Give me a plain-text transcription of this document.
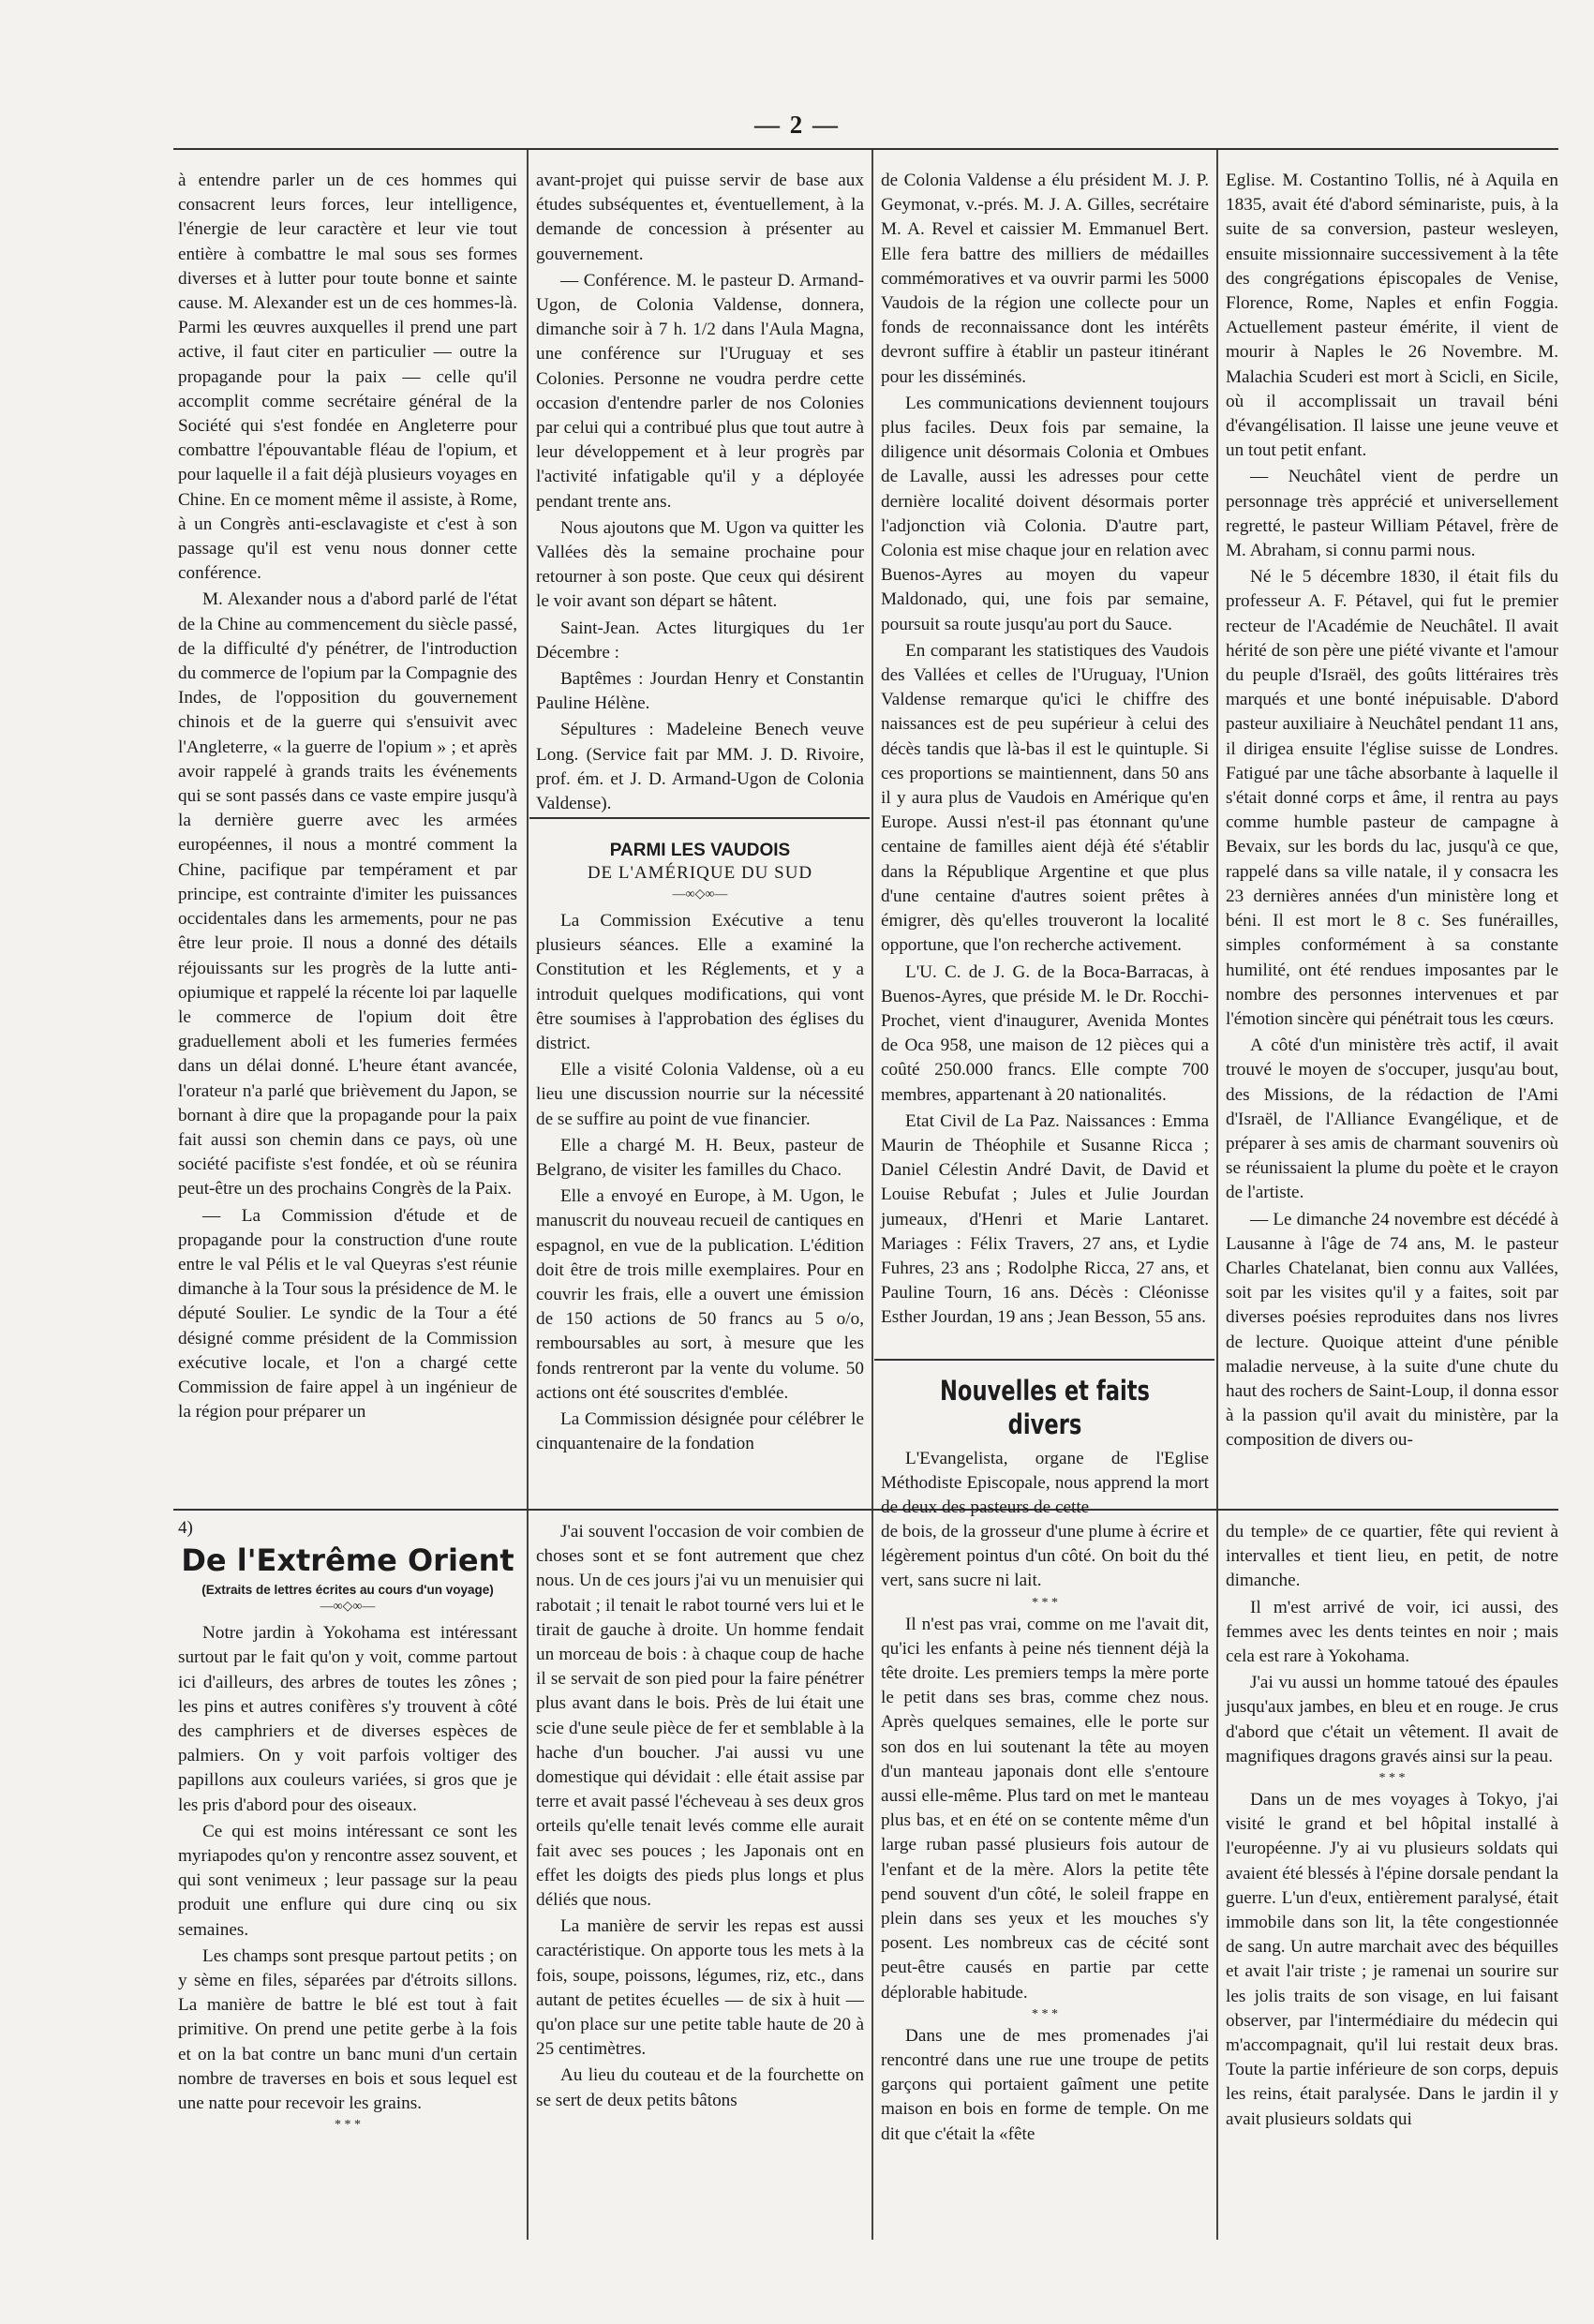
— 2 —

à entendre parler un de ces hommes qui consacrent leurs forces, leur intelligence, l'énergie de leur caractère et leur vie tout entière à combattre le mal sous ses formes diverses et à lutter pour toute bonne et sainte cause. M. Alexander est un de ces hommes-là. Parmi les œuvres auxquelles il prend une part active, il faut citer en particulier — outre la propagande pour la paix — celle qu'il accomplit comme secrétaire général de la Société qui s'est fondée en Angleterre pour combattre l'épouvantable fléau de l'opium, et pour laquelle il a fait déjà plusieurs voyages en Chine. En ce moment même il assiste, à Rome, à un Congrès anti-esclavagiste et c'est à son passage qu'il est venu nous donner cette conférence.

M. Alexander nous a d'abord parlé de l'état de la Chine au commencement du siècle passé, de la difficulté d'y pénétrer, de l'introduction du commerce de l'opium par la Compagnie des Indes, de l'opposition du gouvernement chinois et de la guerre qui s'ensuivit avec l'Angleterre, « la guerre de l'opium » ; et après avoir rappelé à grands traits les événements qui se sont passés dans ce vaste empire jusqu'à la dernière guerre avec les armées européennes, il nous a montré comment la Chine, pacifique par tempérament et par principe, est contrainte d'imiter les puissances occidentales dans les armements, pour ne pas être leur proie. Il nous a donné des détails réjouissants sur les progrès de la lutte anti-opiumique et rappelé la récente loi par laquelle le commerce de l'opium doit être graduellement aboli et les fumeries fermées dans un délai donné. L'heure étant avancée, l'orateur n'a parlé que brièvement du Japon, se bornant à dire que la propagande pour la paix fait aussi son chemin dans ce pays, où une société pacifiste s'est fondée, et où se réunira peut-être un des prochains Congrès de la Paix.

— La Commission d'étude et de propagande pour la construction d'une route entre le val Pélis et le val Queyras s'est réunie dimanche à la Tour sous la présidence de M. le député Soulier. Le syndic de la Tour a été désigné comme président de la Commission exécutive locale, et l'on a chargé cette Commission de faire appel à un ingénieur de la région pour préparer un

avant-projet qui puisse servir de base aux études subséquentes et, éventuellement, à la demande de concession à présenter au gouvernement.

— Conférence. M. le pasteur D. Armand-Ugon, de Colonia Valdense, donnera, dimanche soir à 7 h. 1/2 dans l'Aula Magna, une conférence sur l'Uruguay et ses Colonies. Personne ne voudra perdre cette occasion d'entendre parler de nos Colonies par celui qui a contribué plus que tout autre à leur développement et à leur progrès par l'activité infatigable qu'il y a déployée pendant trente ans.

Nous ajoutons que M. Ugon va quitter les Vallées dès la semaine prochaine pour retourner à son poste. Que ceux qui désirent le voir avant son départ se hâtent.

Saint-Jean. Actes liturgiques du 1er Décembre :

Baptêmes : Jourdan Henry et Constantin Pauline Hélène.

Sépultures : Madeleine Benech veuve Long. (Service fait par MM. J. D. Rivoire, prof. ém. et J. D. Armand-Ugon de Colonia Valdense).

PARMI LES VAUDOIS
DE L'AMÉRIQUE DU SUD
—∞◇∞—

La Commission Exécutive a tenu plusieurs séances. Elle a examiné la Constitution et les Réglements, et y a introduit quelques modifications, qui vont être soumises à l'approbation des églises du district.

Elle a visité Colonia Valdense, où a eu lieu une discussion nourrie sur la nécessité de se suffire au point de vue financier.

Elle a chargé M. H. Beux, pasteur de Belgrano, de visiter les familles du Chaco.

Elle a envoyé en Europe, à M. Ugon, le manuscrit du nouveau recueil de cantiques en espagnol, en vue de la publication. L'édition doit être de trois mille exemplaires. Pour en couvrir les frais, elle a ouvert une émission de 150 actions de 50 francs au 5 o/o, remboursables au sort, à mesure que les fonds rentreront par la vente du volume. 50 actions ont été souscrites d'emblée.

La Commission désignée pour célébrer le cinquantenaire de la fondation

de Colonia Valdense a élu président M. J. P. Geymonat, v.-prés. M. J. A. Gilles, secrétaire M. A. Revel et caissier M. Emmanuel Bert. Elle fera battre des milliers de médailles commémoratives et va ouvrir parmi les 5000 Vaudois de la région une collecte pour un fonds de reconnaissance dont les intérêts devront suffire à établir un pasteur itinérant pour les disséminés.

Les communications deviennent toujours plus faciles. Deux fois par semaine, la diligence unit désormais Colonia et Ombues de Lavalle, aussi les adresses pour cette dernière localité doivent désormais porter l'adjonction vià Colonia. D'autre part, Colonia est mise chaque jour en relation avec Buenos-Ayres au moyen du vapeur Maldonado, qui, une fois par semaine, poursuit sa route jusqu'au port du Sauce.

En comparant les statistiques des Vaudois des Vallées et celles de l'Uruguay, l'Union Valdense remarque qu'ici le chiffre des naissances est de peu supérieur à celui des décès tandis que là-bas il est le quintuple. Si ces proportions se maintiennent, dans 50 ans il y aura plus de Vaudois en Amérique qu'en Europe. Aussi n'est-il pas étonnant qu'une centaine de familles aient déjà été s'établir dans la République Argentine et que plus d'une centaine d'autres soient prêtes à émigrer, dès qu'elles trouveront la localité opportune, que l'on recherche activement.

L'U. C. de J. G. de la Boca-Barracas, à Buenos-Ayres, que préside M. le Dr. Rocchi-Prochet, vient d'inaugurer, Avenida Montes de Oca 958, une maison de 12 pièces qui a coûté 250.000 francs. Elle compte 700 membres, appartenant à 20 nationalités.

Etat Civil de La Paz. Naissances : Emma Maurin de Théophile et Susanne Ricca ; Daniel Célestin André Davit, de David et Louise Rebufat ; Jules et Julie Jourdan jumeaux, d'Henri et Marie Lantaret. Mariages : Félix Travers, 27 ans, et Lydie Fuhres, 23 ans ; Rodolphe Ricca, 27 ans, et Pauline Tourn, 16 ans. Décès : Cléonisse Esther Jourdan, 19 ans ; Jean Besson, 55 ans.

Nouvelles et faits divers

L'Evangelista, organe de l'Eglise Méthodiste Episcopale, nous apprend la mort de deux des pasteurs de cette

Eglise. M. Costantino Tollis, né à Aquila en 1835, avait été d'abord séminariste, puis, à la suite de sa conversion, pasteur wesleyen, ensuite missionnaire successivement à la tête des congrégations épiscopales de Venise, Florence, Rome, Naples et enfin Foggia. Actuellement pasteur émérite, il vient de mourir à Naples le 26 Novembre. M. Malachia Scuderi est mort à Scicli, en Sicile, où il accomplissait un travail béni d'évangélisation. Il laisse une jeune veuve et un tout petit enfant.

— Neuchâtel vient de perdre un personnage très apprécié et universellement regretté, le pasteur William Pétavel, frère de M. Abraham, si connu parmi nous.

Né le 5 décembre 1830, il était fils du professeur A. F. Pétavel, qui fut le premier recteur de l'Académie de Neuchâtel. Il avait hérité de son père une piété vivante et l'amour du peuple d'Israël, des goûts littéraires très marqués et une bonté inépuisable. D'abord pasteur auxiliaire à Neuchâtel pendant 11 ans, il dirigea ensuite l'église suisse de Londres. Fatigué par une tâche absorbante à laquelle il s'était donné corps et âme, il rentra au pays comme humble pasteur de campagne à Bevaix, sur les bords du lac, jusqu'à ce que, rappelé dans sa ville natale, il y consacra les 23 dernières années d'un ministère long et béni. Il est mort le 8 c. Ses funérailles, simples conformément à sa constante humilité, ont été rendues imposantes par le nombre des personnes intervenues et par l'émotion sincère qui pénétrait tous les cœurs.

A côté d'un ministère très actif, il avait trouvé le moyen de s'occuper, jusqu'au bout, des Missions, de la rédaction de l'Ami d'Israël, de l'Alliance Evangélique, et de préparer à ses amis de charmant souvenirs où se réunissaient la plume du poète et le crayon de l'artiste.

— Le dimanche 24 novembre est décédé à Lausanne à l'âge de 74 ans, M. le pasteur Charles Chatelanat, bien connu aux Vallées, soit par les visites qu'il y a faites, soit par diverses poésies reproduites dans nos livres de lecture. Quoique atteint d'une pénible maladie nerveuse, à la suite d'une chute du haut des rochers de Saint-Loup, il donna essor à la passion qu'il avait du ministère, par la composition de divers ou-

4)
De l'Extrême Orient
(Extraits de lettres écrites au cours d'un voyage)
—∞◇∞—

Notre jardin à Yokohama est intéressant surtout par le fait qu'on y voit, comme partout ici d'ailleurs, des arbres de toutes les zônes ; les pins et autres conifères s'y trouvent à côté des camphriers et de diverses espèces de palmiers. On y voit parfois voltiger des papillons aux couleurs variées, si gros que je les pris d'abord pour des oiseaux.

Ce qui est moins intéressant ce sont les myriapodes qu'on y rencontre assez souvent, et qui sont venimeux ; leur passage sur la peau produit une enflure qui dure cinq ou six semaines.

Les champs sont presque partout petits ; on y sème en files, séparées par d'étroits sillons. La manière de battre le blé est tout à fait primitive. On prend une petite gerbe à la fois et on la bat contre un banc muni d'un certain nombre de traverses en bois et sous lequel est une natte pour recevoir les grains.

* * *

J'ai souvent l'occasion de voir combien de choses sont et se font autrement que chez nous. Un de ces jours j'ai vu un menuisier qui rabotait ; il tenait le rabot tourné vers lui et le tirait de gauche à droite. Un homme fendait un morceau de bois : à chaque coup de hache il se servait de son pied pour la faire pénétrer plus avant dans le bois. Près de lui était une scie d'une seule pièce de fer et semblable à la hache d'un boucher. J'ai aussi vu une domestique qui dévidait : elle était assise par terre et avait passé l'écheveau à ses deux gros orteils qu'elle tenait levés comme elle aurait fait avec ses pouces ; les Japonais ont en effet les doigts des pieds plus longs et plus déliés que nous.

La manière de servir les repas est aussi caractéristique. On apporte tous les mets à la fois, soupe, poissons, légumes, riz, etc., dans autant de petites écuelles — de six à huit — qu'on place sur une petite table haute de 20 à 25 centimètres.

Au lieu du couteau et de la fourchette on se sert de deux petits bâtons

de bois, de la grosseur d'une plume à écrire et légèrement pointus d'un côté. On boit du thé vert, sans sucre ni lait.

* * *

Il n'est pas vrai, comme on me l'avait dit, qu'ici les enfants à peine nés tiennent déjà la tête droite. Les premiers temps la mère porte le petit dans ses bras, comme chez nous. Après quelques semaines, elle le porte sur son dos en lui soutenant la tête au moyen d'un manteau japonais dont elle s'entoure aussi elle-même. Plus tard on met le manteau plus bas, et en été on se contente même d'un large ruban passé plusieurs fois autour de l'enfant et de la mère. Alors la petite tête pend souvent d'un côté, le soleil frappe en plein dans ses yeux et les mouches s'y posent. Les nombreux cas de cécité sont peut-être causés en partie par cette déplorable habitude.

* * *

Dans une de mes promenades j'ai rencontré dans une rue une troupe de petits garçons qui portaient gaîment une petite maison en bois en forme de temple. On me dit que c'était la «fête

du temple» de ce quartier, fête qui revient à intervalles et tient lieu, en petit, de notre dimanche.

Il m'est arrivé de voir, ici aussi, des femmes avec les dents teintes en noir ; mais cela est rare à Yokohama.

J'ai vu aussi un homme tatoué des épaules jusqu'aux jambes, en bleu et en rouge. Je crus d'abord que c'était un vêtement. Il avait de magnifiques dragons gravés ainsi sur la peau.

* * *

Dans un de mes voyages à Tokyo, j'ai visité le grand et bel hôpital installé à l'européenne. J'y ai vu plusieurs soldats qui avaient été blessés à l'épine dorsale pendant la guerre. L'un d'eux, entièrement paralysé, était immobile dans son lit, la tête congestionnée de sang. Un autre marchait avec des béquilles et avait l'air triste ; je ramenai un sourire sur les jolis traits de son visage, en lui faisant observer, par l'intermédiaire du médecin qui m'accompagnait, qu'il lui restait deux bras. Toute la partie inférieure de son corps, depuis les reins, était paralysée. Dans le jardin il y avait plusieurs soldats qui
